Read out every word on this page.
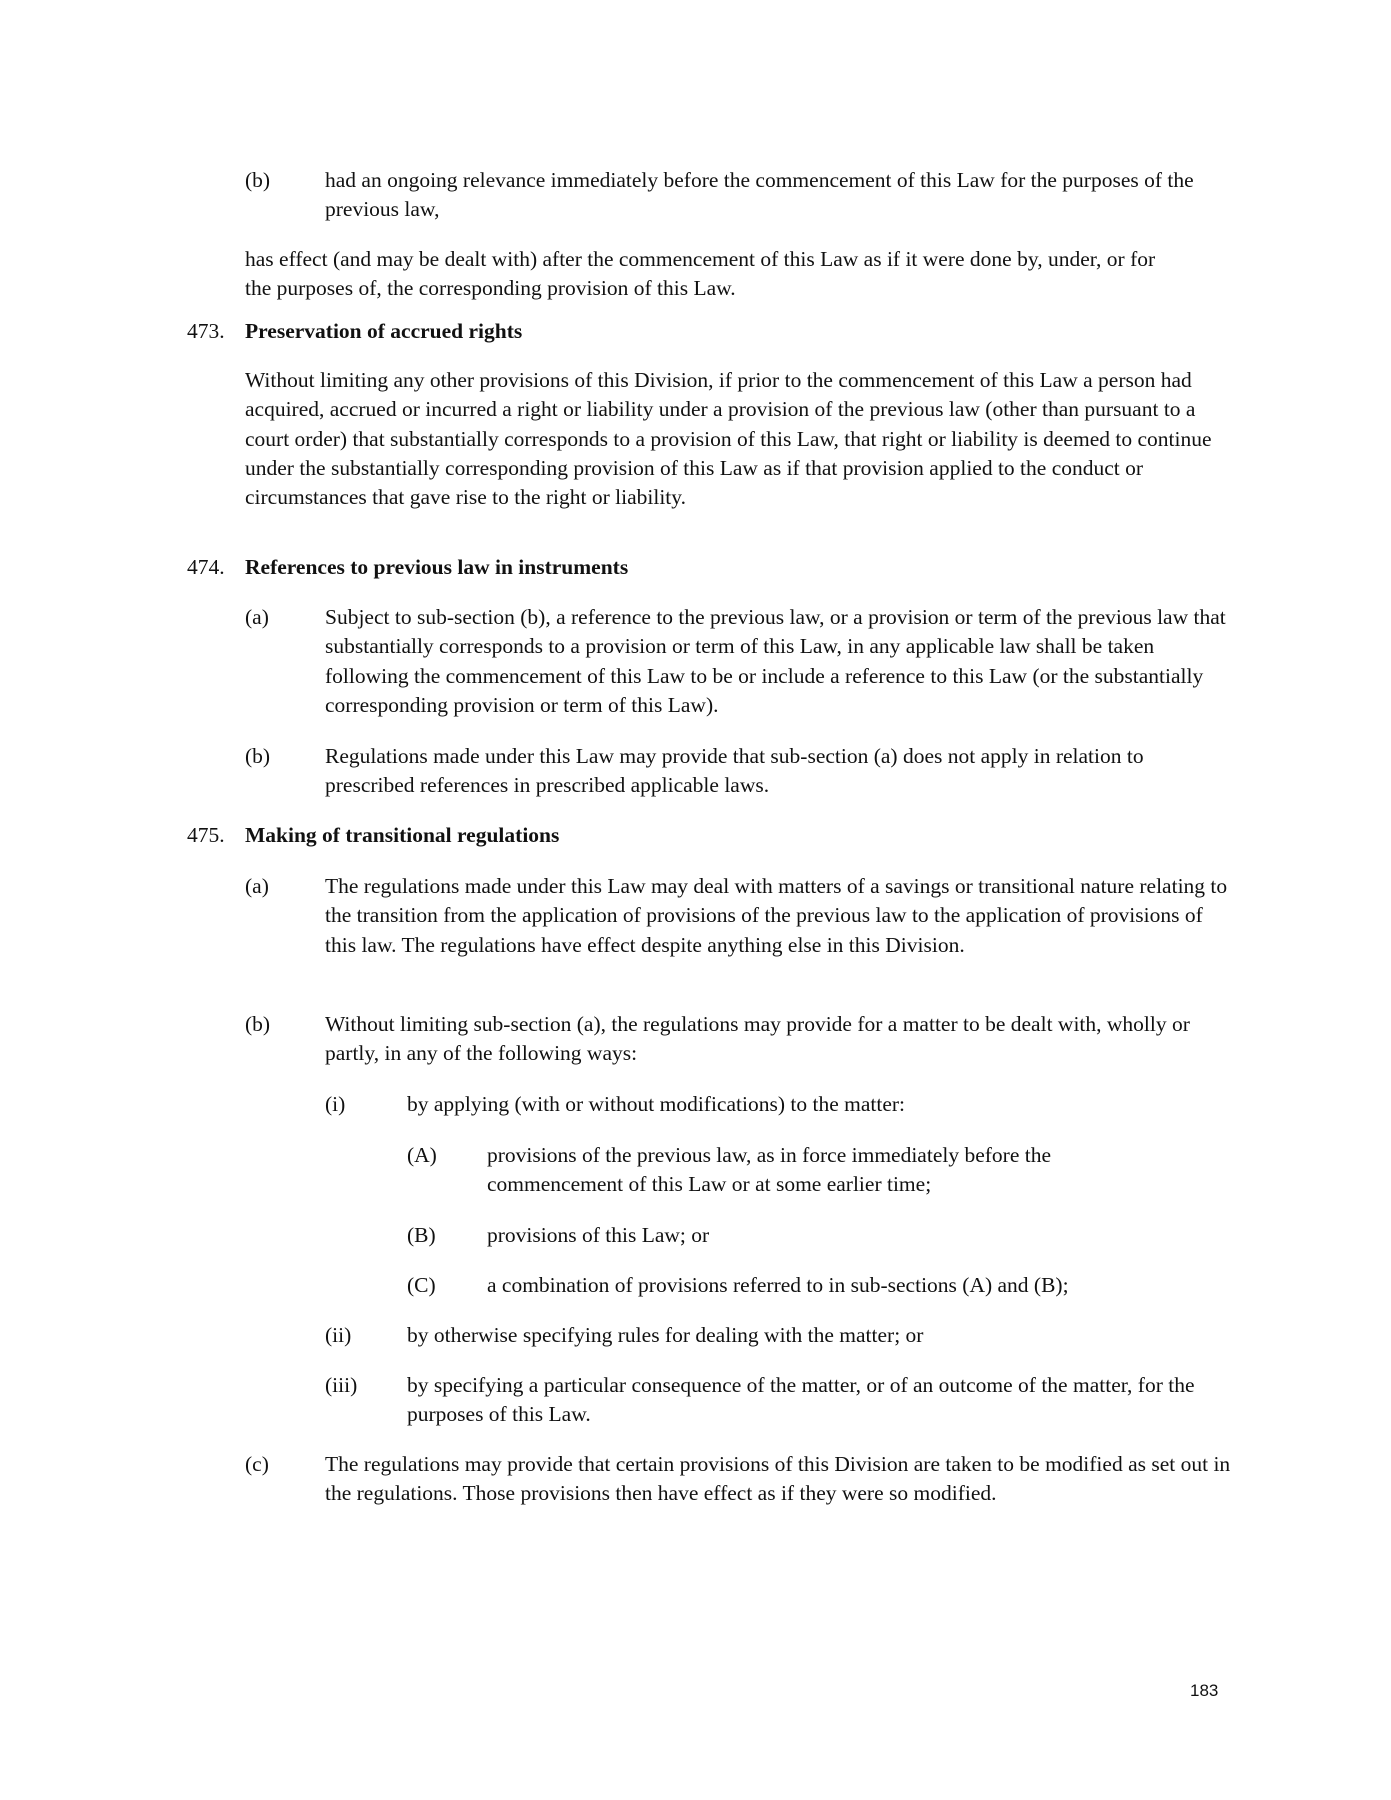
(b)	had an ongoing relevance immediately before the commencement of this Law for the purposes of the previous law,
has effect (and may be dealt with) after the commencement of this Law as if it were done by, under, or for the purposes of, the corresponding provision of this Law.
473. Preservation of accrued rights
Without limiting any other provisions of this Division, if prior to the commencement of this Law a person had acquired, accrued or incurred a right or liability under a provision of the previous law (other than pursuant to a court order) that substantially corresponds to a provision of this Law, that right or liability is deemed to continue under the substantially corresponding provision of this Law as if that provision applied to the conduct or circumstances that gave rise to the right or liability.
474. References to previous law in instruments
(a)	Subject to sub-section (b), a reference to the previous law, or a provision or term of the previous law that substantially corresponds to a provision or term of this Law, in any applicable law shall be taken following the commencement of this Law to be or include a reference to this Law (or the substantially corresponding provision or term of this Law).
(b)	Regulations made under this Law may provide that sub-section (a) does not apply in relation to prescribed references in prescribed applicable laws.
475. Making of transitional regulations
(a)	The regulations made under this Law may deal with matters of a savings or transitional nature relating to the transition from the application of provisions of the previous law to the application of provisions of this law. The regulations have effect despite anything else in this Division.
(b)	Without limiting sub-section (a), the regulations may provide for a matter to be dealt with, wholly or partly, in any of the following ways:
(i)	by applying (with or without modifications) to the matter:
(A) provisions of the previous law, as in force immediately before the commencement of this Law or at some earlier time;
(B) provisions of this Law; or
(C) a combination of provisions referred to in sub-sections (A) and (B);
(ii)	by otherwise specifying rules for dealing with the matter; or
(iii) by specifying a particular consequence of the matter, or of an outcome of the matter, for the purposes of this Law.
(c)	The regulations may provide that certain provisions of this Division are taken to be modified as set out in the regulations. Those provisions then have effect as if they were so modified.
183
